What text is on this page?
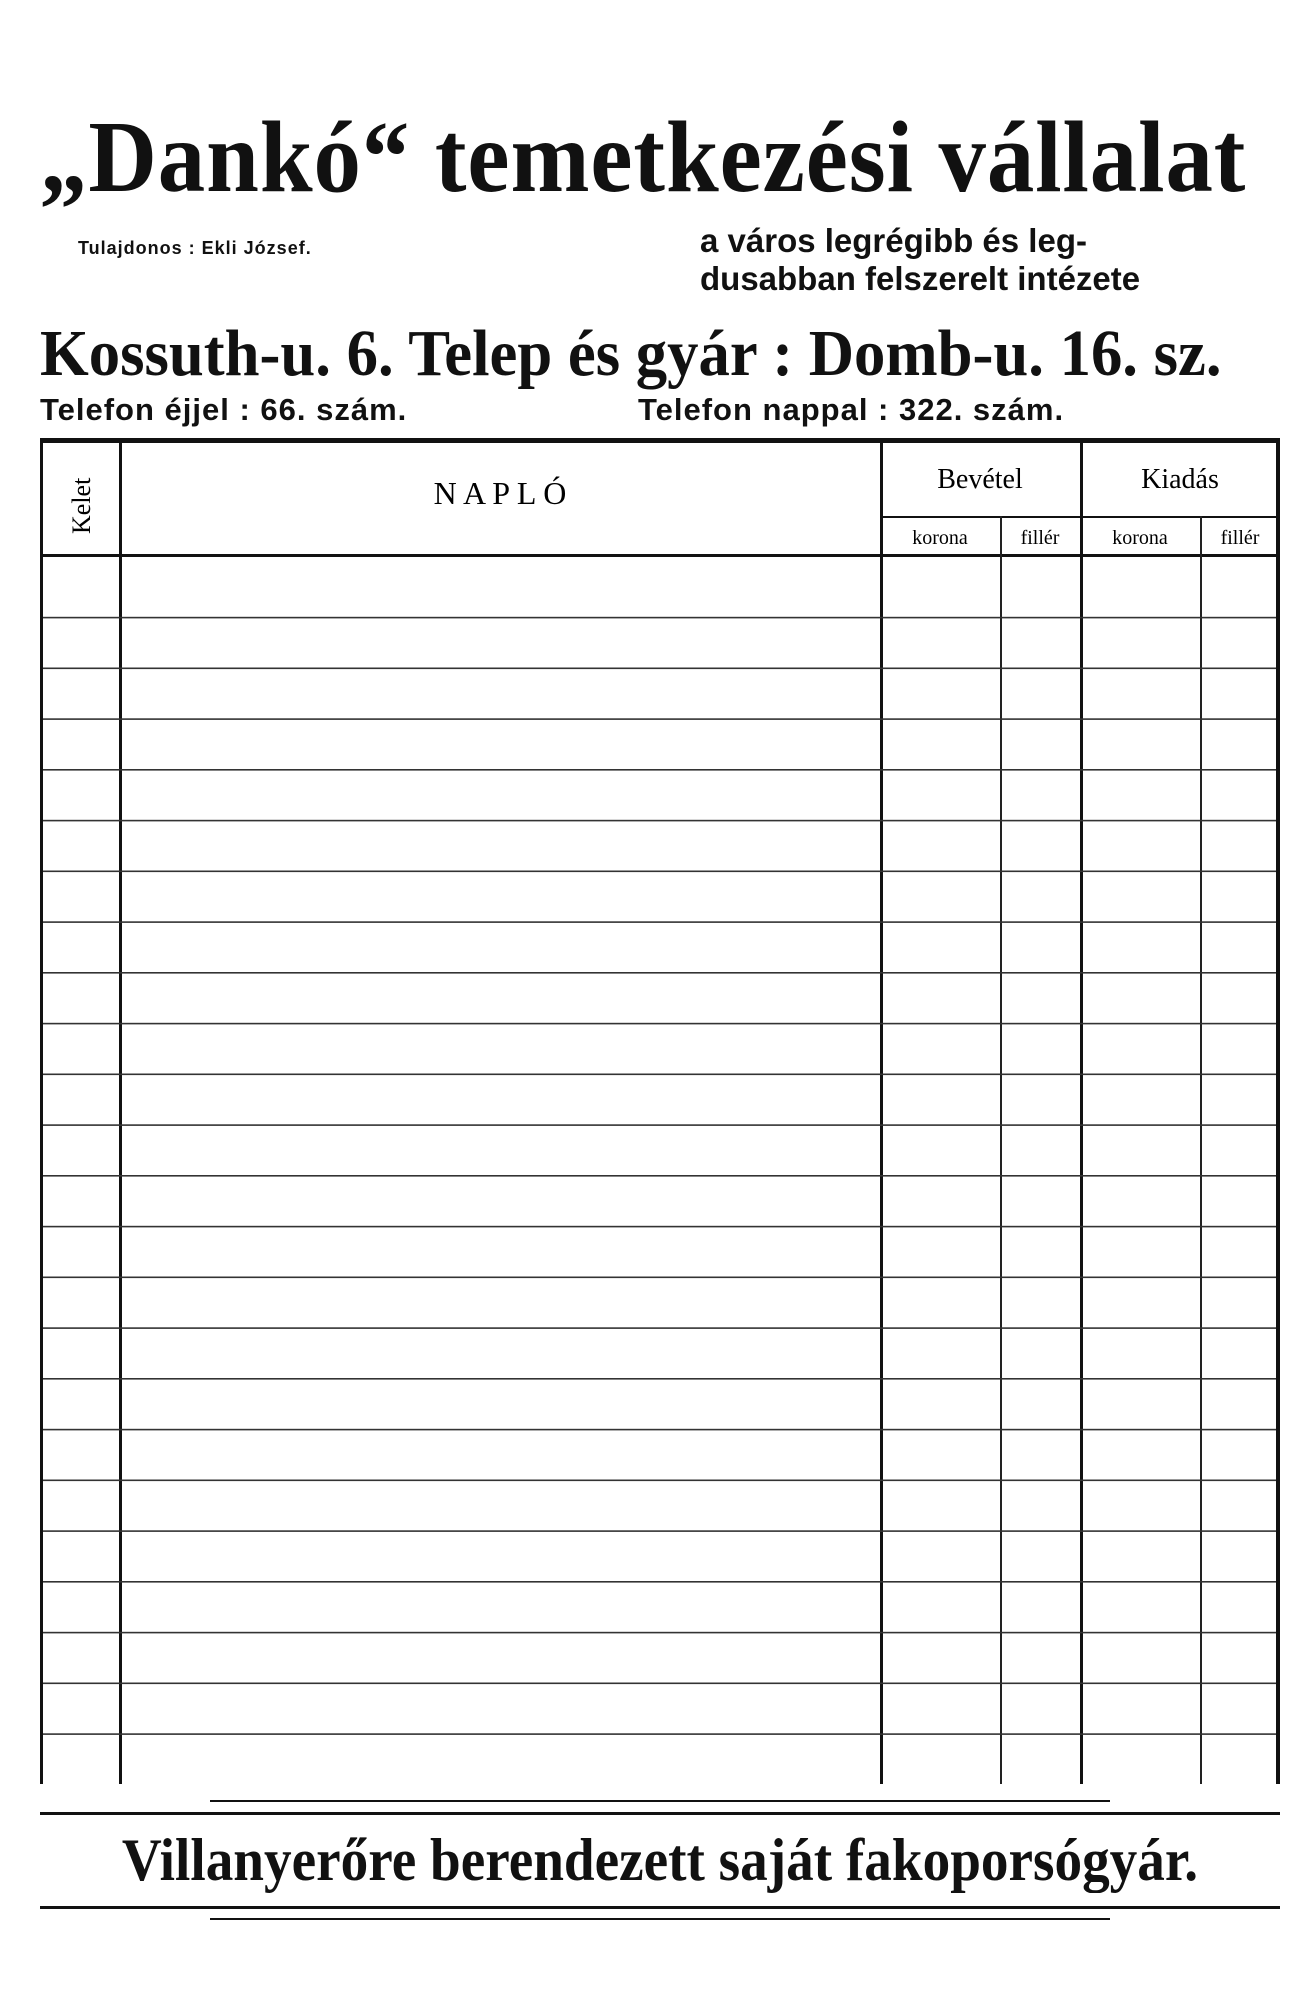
„Dankó“ temetkezési vállalat
Tulajdonos : Ekli József.	a város legrégibb és leg-
dusabban felszerelt intézete
Kossuth-u. 6. Telep és gyár : Domb-u. 16. sz.
Telefon éjjel : 66. szám.	Telefon nappal : 322. szám.
Kelet	N A P L Ó	Bevétel	Kiadás
korona	fillér	korona	fillér
Villanyerőre berendezett saját fakoporsógyár.
